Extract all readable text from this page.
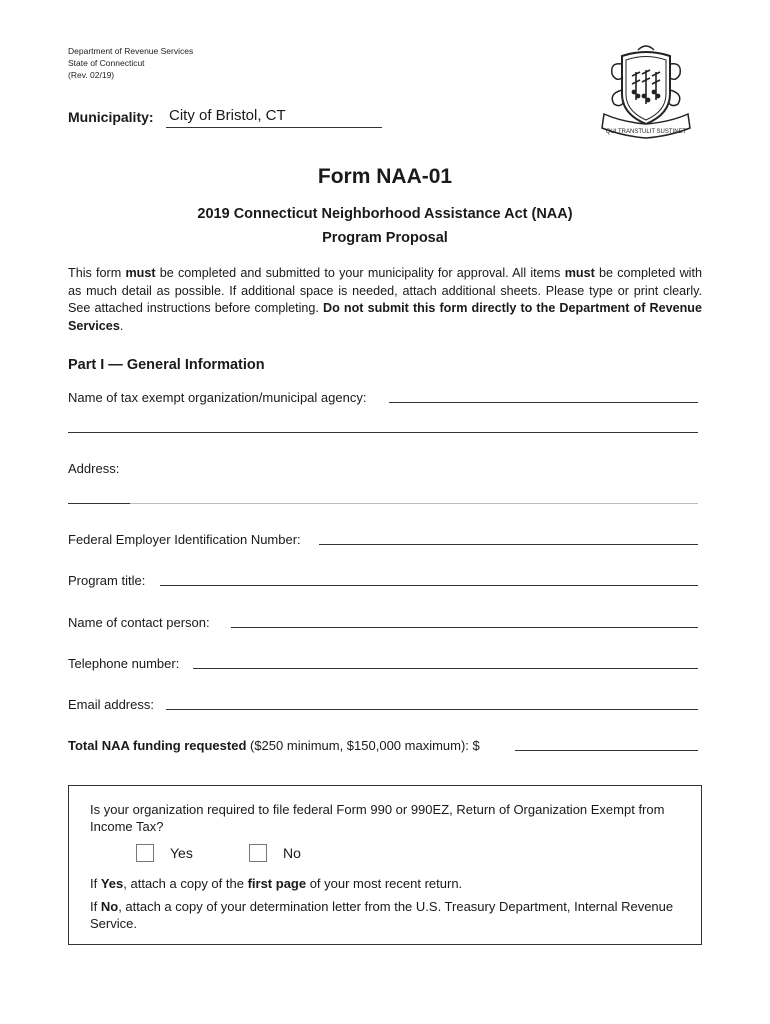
Department of Revenue Services
State of Connecticut
(Rev. 02/19)
QUI TRANSTULIT SUSTINET
Municipality: City of Bristol, CT
Form NAA-01
2019 Connecticut Neighborhood Assistance Act (NAA)
Program Proposal
This form must be completed and submitted to your municipality for approval. All items must be completed with as much detail as possible. If additional space is needed, attach additional sheets. Please type or print clearly. See attached instructions before completing. Do not submit this form directly to the Department of Revenue Services.
Part I — General Information
Name of tax exempt organization/municipal agency:
Address:
Federal Employer Identification Number:
Program title:
Name of contact person:
Telephone number:
Email address:
Total NAA funding requested ($250 minimum, $150,000 maximum): $
Is your organization required to file federal Form 990 or 990EZ, Return of Organization Exempt from Income Tax?
Yes	No
If Yes, attach a copy of the first page of your most recent return.
If No, attach a copy of your determination letter from the U.S. Treasury Department, Internal Revenue Service.
